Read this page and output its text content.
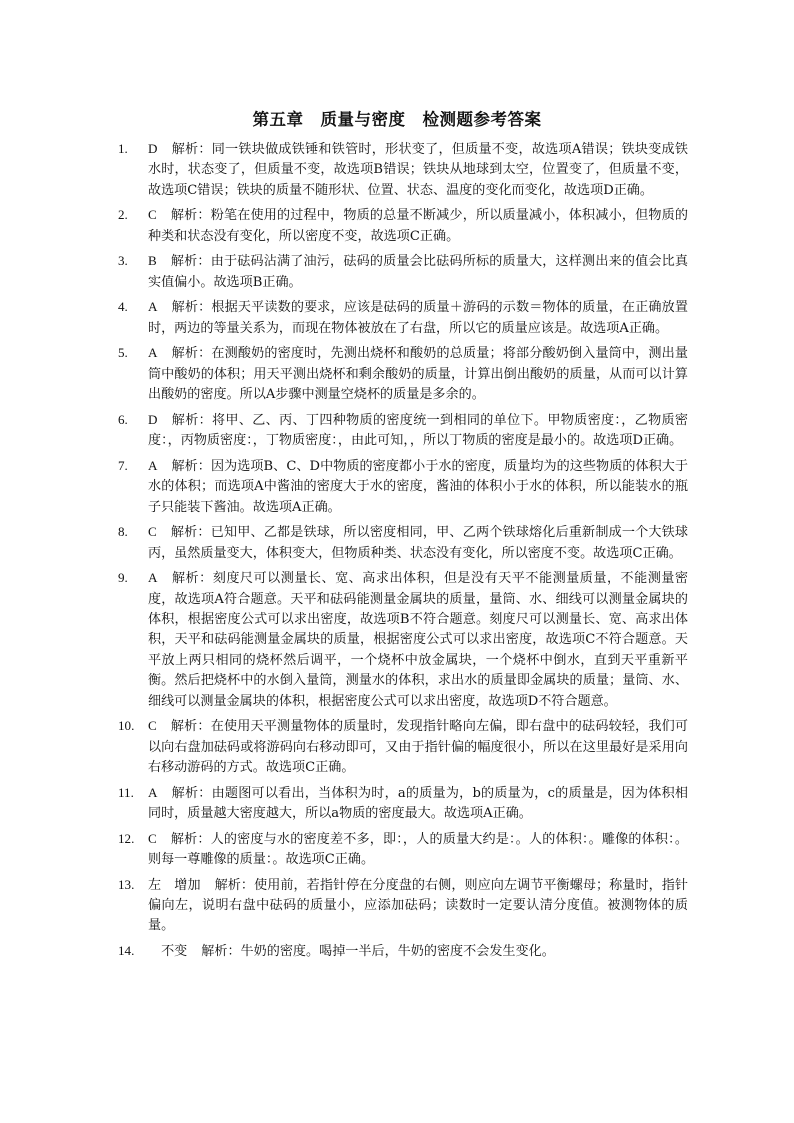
第五章　质量与密度　检测题参考答案
1.	D 解析：同一铁块做成铁锤和铁管时，形状变了，但质量不变，故选项A错误；铁块变成铁水时，状态变了，但质量不变，故选项B错误；铁块从地球到太空，位置变了，但质量不变，故选项C错误；铁块的质量不随形状、位置、状态、温度的变化而变化，故选项D正确。
2.	C 解析：粉笔在使用的过程中，物质的总量不断减少，所以质量减小，体积减小，但物质的种类和状态没有变化，所以密度不变，故选项C正确。
3.	B 解析：由于砝码沾满了油污，砝码的质量会比砝码所标的质量大，这样测出来的值会比真实值偏小。故选项B正确。
4.	A 解析：根据天平读数的要求，应该是砝码的质量＋游码的示数＝物体的质量，在正确放置时，两边的等量关系为，而现在物体被放在了右盘，所以它的质量应该是。故选项A正确。
5.	A 解析：在测酸奶的密度时，先测出烧杯和酸奶的总质量；将部分酸奶倒入量筒中，测出量筒中酸奶的体积；用天平测出烧杯和剩余酸奶的质量，计算出倒出酸奶的质量，从而可以计算出酸奶的密度。所以A步骤中测量空烧杯的质量是多余的。
6.	D 解析：将甲、乙、丙、丁四种物质的密度统一到相同的单位下。甲物质密度：，乙物质密度：，丙物质密度：，丁物质密度：，由此可知，，所以丁物质的密度是最小的。故选项D正确。
7.	A 解析：因为选项B、C、D中物质的密度都小于水的密度，质量均为的这些物质的体积大于水的体积；而选项A中酱油的密度大于水的密度，酱油的体积小于水的体积，所以能装水的瓶子只能装下酱油。故选项A正确。
8.	C 解析：已知甲、乙都是铁球，所以密度相同，甲、乙两个铁球熔化后重新制成一个大铁球丙，虽然质量变大，体积变大，但物质种类、状态没有变化，所以密度不变。故选项C正确。
9.	A 解析：刻度尺可以测量长、宽、高求出体积，但是没有天平不能测量质量，不能测量密度，故选项A符合题意。天平和砝码能测量金属块的质量，量筒、水、细线可以测量金属块的体积，根据密度公式可以求出密度，故选项B不符合题意。刻度尺可以测量长、宽、高求出体积，天平和砝码能测量金属块的质量，根据密度公式可以求出密度，故选项C不符合题意。天平放上两只相同的烧杯然后调平，一个烧杯中放金属块，一个烧杯中倒水，直到天平重新平衡。然后把烧杯中的水倒入量筒，测量水的体积，求出水的质量即金属块的质量；量筒、水、细线可以测量金属块的体积，根据密度公式可以求出密度，故选项D不符合题意。
10.	C 解析：在使用天平测量物体的质量时，发现指针略向左偏，即右盘中的砝码较轻，我们可以向右盘加砝码或将游码向右移动即可，又由于指针偏的幅度很小，所以在这里最好是采用向右移动游码的方式。故选项C正确。
11.	A 解析：由题图可以看出，当体积为时，a的质量为，b的质量为，c的质量是，因为体积相同时，质量越大密度越大，所以a物质的密度最大。故选项A正确。
12.	C 解析：人的密度与水的密度差不多，即：，人的质量大约是：。人的体积：。雕像的体积：。则每一尊雕像的质量：。故选项C正确。
13.	左　增加 解析：使用前，若指针停在分度盘的右侧，则应向左调节平衡螺母；称量时，指针偏向左，说明右盘中砝码的质量小，应添加砝码；读数时一定要认清分度值。被测物体的质量。
14.	　不变 解析：牛奶的密度。喝掉一半后，牛奶的密度不会发生变化。
